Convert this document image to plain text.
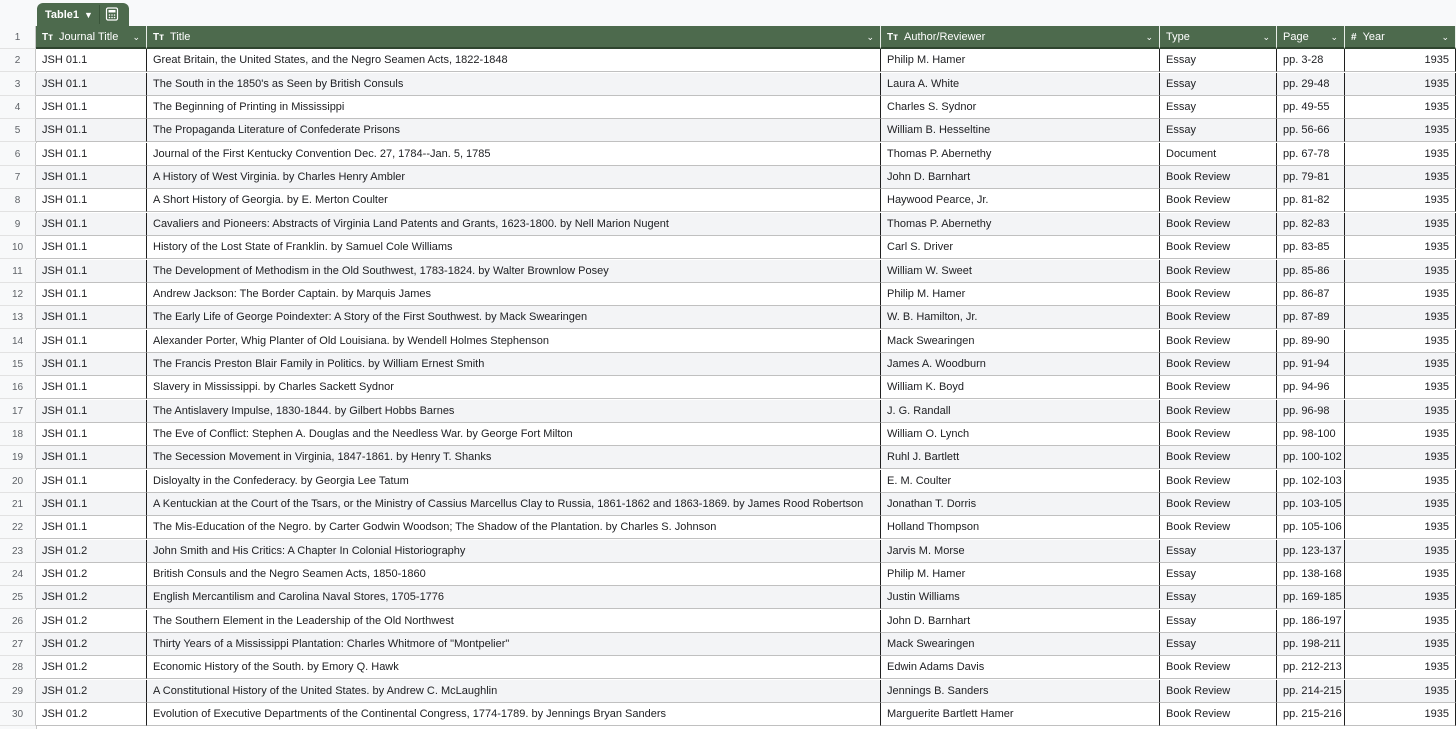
Table1 ▼
1	Tт Journal Title ⌄	Tт Title	⌄	Tт Author/Reviewer	⌄	Type	⌄	Page ⌄	# Year	⌄
2	JSH 01.1	Great Britain, the United States, and the Negro Seamen Acts, 1822-1848	Philip M. Hamer	Essay	pp. 3-28	1935
3	JSH 01.1	The South in the 1850's as Seen by British Consuls	Laura A. White	Essay	pp. 29-48	1935
4	JSH 01.1	The Beginning of Printing in Mississippi	Charles S. Sydnor	Essay	pp. 49-55	1935
5	JSH 01.1	The Propaganda Literature of Confederate Prisons	William B. Hesseltine	Essay	pp. 56-66	1935
6	JSH 01.1	Journal of the First Kentucky Convention Dec. 27, 1784--Jan. 5, 1785	Thomas P. Abernethy	Document	pp. 67-78	1935
7	JSH 01.1	A History of West Virginia. by Charles Henry Ambler	John D. Barnhart	Book Review	pp. 79-81	1935
8	JSH 01.1	A Short History of Georgia. by E. Merton Coulter	Haywood Pearce, Jr.	Book Review	pp. 81-82	1935
9	JSH 01.1	Cavaliers and Pioneers: Abstracts of Virginia Land Patents and Grants, 1623-1800. by Nell Marion Nugent	Thomas P. Abernethy	Book Review	pp. 82-83	1935
10	JSH 01.1	History of the Lost State of Franklin. by Samuel Cole Williams	Carl S. Driver	Book Review	pp. 83-85	1935
11	JSH 01.1	The Development of Methodism in the Old Southwest, 1783-1824. by Walter Brownlow Posey	William W. Sweet	Book Review	pp. 85-86	1935
12	JSH 01.1	Andrew Jackson: The Border Captain. by Marquis James	Philip M. Hamer	Book Review	pp. 86-87	1935
13	JSH 01.1	The Early Life of George Poindexter: A Story of the First Southwest. by Mack Swearingen	W. B. Hamilton, Jr.	Book Review	pp. 87-89	1935
14	JSH 01.1	Alexander Porter, Whig Planter of Old Louisiana. by Wendell Holmes Stephenson	Mack Swearingen	Book Review	pp. 89-90	1935
15	JSH 01.1	The Francis Preston Blair Family in Politics. by William Ernest Smith	James A. Woodburn	Book Review	pp. 91-94	1935
16	JSH 01.1	Slavery in Mississippi. by Charles Sackett Sydnor	William K. Boyd	Book Review	pp. 94-96	1935
17	JSH 01.1	The Antislavery Impulse, 1830-1844. by Gilbert Hobbs Barnes	J. G. Randall	Book Review	pp. 96-98	1935
18	JSH 01.1	The Eve of Conflict: Stephen A. Douglas and the Needless War. by George Fort Milton	William O. Lynch	Book Review	pp. 98-100	1935
19	JSH 01.1	The Secession Movement in Virginia, 1847-1861. by Henry T. Shanks	Ruhl J. Bartlett	Book Review	pp. 100-102	1935
20	JSH 01.1	Disloyalty in the Confederacy. by Georgia Lee Tatum	E. M. Coulter	Book Review	pp. 102-103	1935
21	JSH 01.1	A Kentuckian at the Court of the Tsars, or the Ministry of Cassius Marcellus Clay to Russia, 1861-1862 and 1863-1869. by James Rood Robertson	Jonathan T. Dorris	Book Review	pp. 103-105	1935
22	JSH 01.1	The Mis-Education of the Negro. by Carter Godwin Woodson; The Shadow of the Plantation. by Charles S. Johnson	Holland Thompson	Book Review	pp. 105-106	1935
23	JSH 01.2	John Smith and His Critics: A Chapter In Colonial Historiography	Jarvis M. Morse	Essay	pp. 123-137	1935
24	JSH 01.2	British Consuls and the Negro Seamen Acts, 1850-1860	Philip M. Hamer	Essay	pp. 138-168	1935
25	JSH 01.2	English Mercantilism and Carolina Naval Stores, 1705-1776	Justin Williams	Essay	pp. 169-185	1935
26	JSH 01.2	The Southern Element in the Leadership of the Old Northwest	John D. Barnhart	Essay	pp. 186-197	1935
27	JSH 01.2	Thirty Years of a Mississippi Plantation: Charles Whitmore of "Montpelier"	Mack Swearingen	Essay	pp. 198-211	1935
28	JSH 01.2	Economic History of the South. by Emory Q. Hawk	Edwin Adams Davis	Book Review	pp. 212-213	1935
29	JSH 01.2	A Constitutional History of the United States. by Andrew C. McLaughlin	Jennings B. Sanders	Book Review	pp. 214-215	1935
30	JSH 01.2	Evolution of Executive Departments of the Continental Congress, 1774-1789. by Jennings Bryan Sanders	Marguerite Bartlett Hamer	Book Review	pp. 215-216	1935
